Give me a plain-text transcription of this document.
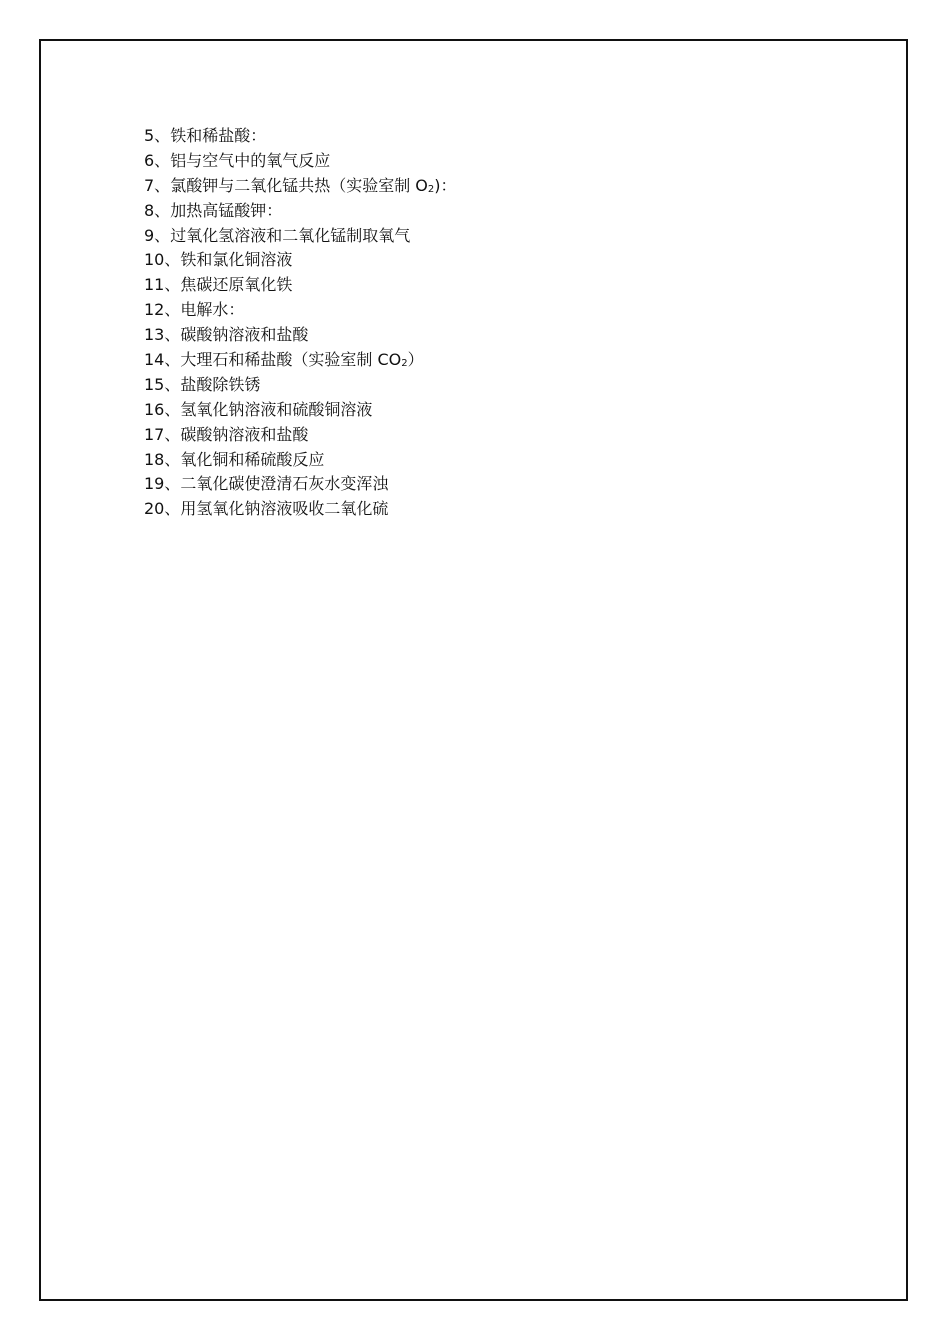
5、铁和稀盐酸：
6、铝与空气中的氧气反应
7、氯酸钾与二氧化锰共热（实验室制 $O_2$)：
8、加热高锰酸钾：
9、过氧化氢溶液和二氧化锰制取氧气
10、铁和氯化铜溶液
11、焦碳还原氧化铁
12、电解水：
13、碳酸钠溶液和盐酸
14、大理石和稀盐酸（实验室制 $CO_2$）
15、盐酸除铁锈
16、氢氧化钠溶液和硫酸铜溶液
17、碳酸钠溶液和盐酸
18、氧化铜和稀硫酸反应
19、二氧化碳使澄清石灰水变浑浊
20、用氢氧化钠溶液吸收二氧化硫
